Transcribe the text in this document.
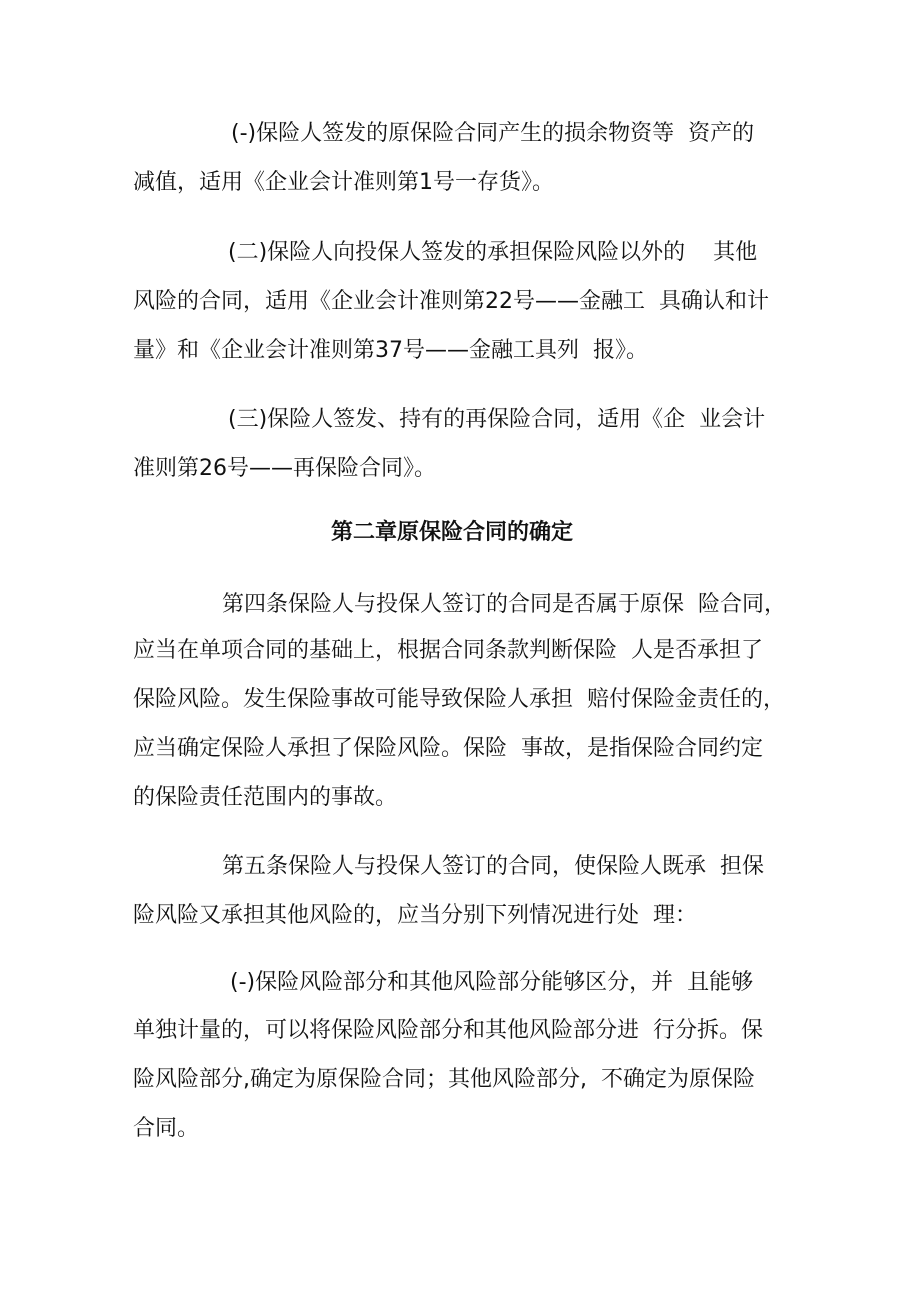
(-)保险人签发的原保险合同产生的损余物资等  资产的
减值，适用《企业会计准则第1号一存货》。
(二)保险人向投保人签发的承担保险风险以外的    其他
风险的合同，适用《企业会计准则第22号——金融工  具确认和计
量》和《企业会计准则第37号——金融工具列  报》。
(三)保险人签发、持有的再保险合同，适用《企  业会计
准则第26号——再保险合同》。
第二章原保险合同的确定
第四条保险人与投保人签订的合同是否属于原保  险合同，
应当在单项合同的基础上，根据合同条款判断保险  人是否承担了
保险风险。发生保险事故可能导致保险人承担  赔付保险金责任的，
应当确定保险人承担了保险风险。保险  事故，是指保险合同约定
的保险责任范围内的事故。
第五条保险人与投保人签订的合同，使保险人既承  担保
险风险又承担其他风险的，应当分别下列情况进行处  理：
(-)保险风险部分和其他风险部分能够区分，并  且能够
单独计量的，可以将保险风险部分和其他风险部分进  行分拆。保
险风险部分,确定为原保险合同；其他风险部分,  不确定为原保险
合同。
